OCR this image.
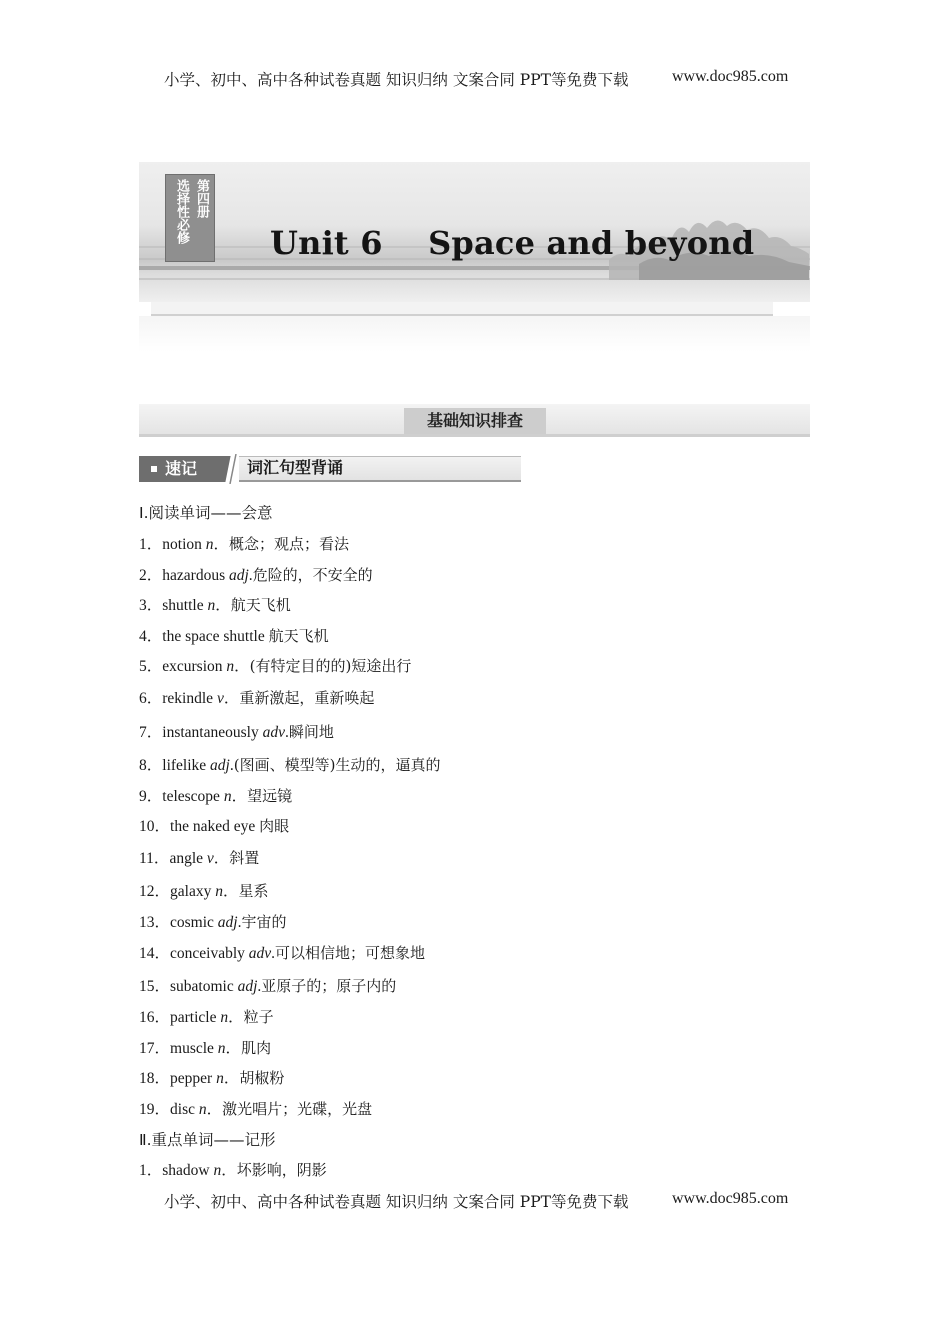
小学、初中、高中各种试卷真题 知识归纳 文案合同 PPT等免费下载	www.doc985.com
第四册
选择性必修	Unit 6    Space and beyond
基础知识排查
速记	词汇句型背诵
Ⅰ.阅读单词——会意
1．notion n．概念；观点；看法
2．hazardous adj.危险的，不安全的
3．shuttle n．航天飞机
4．the space shuttle 航天飞机
5．excursion n．(有特定目的的)短途出行
6．rekindle v．重新激起，重新唤起
7．instantaneously adv.瞬间地
8．lifelike adj.(图画、模型等)生动的，逼真的
9．telescope n．望远镜
10．the naked eye 肉眼
11．angle v．斜置
12．galaxy n．星系
13．cosmic adj.宇宙的
14．conceivably adv.可以相信地；可想象地
15．subatomic adj.亚原子的；原子内的
16．particle n．粒子
17．muscle n．肌肉
18．pepper n．胡椒粉
19．disc n．激光唱片；光碟，光盘
Ⅱ.重点单词——记形
1．shadow n．坏影响，阴影
小学、初中、高中各种试卷真题 知识归纳 文案合同 PPT等免费下载	www.doc985.com
